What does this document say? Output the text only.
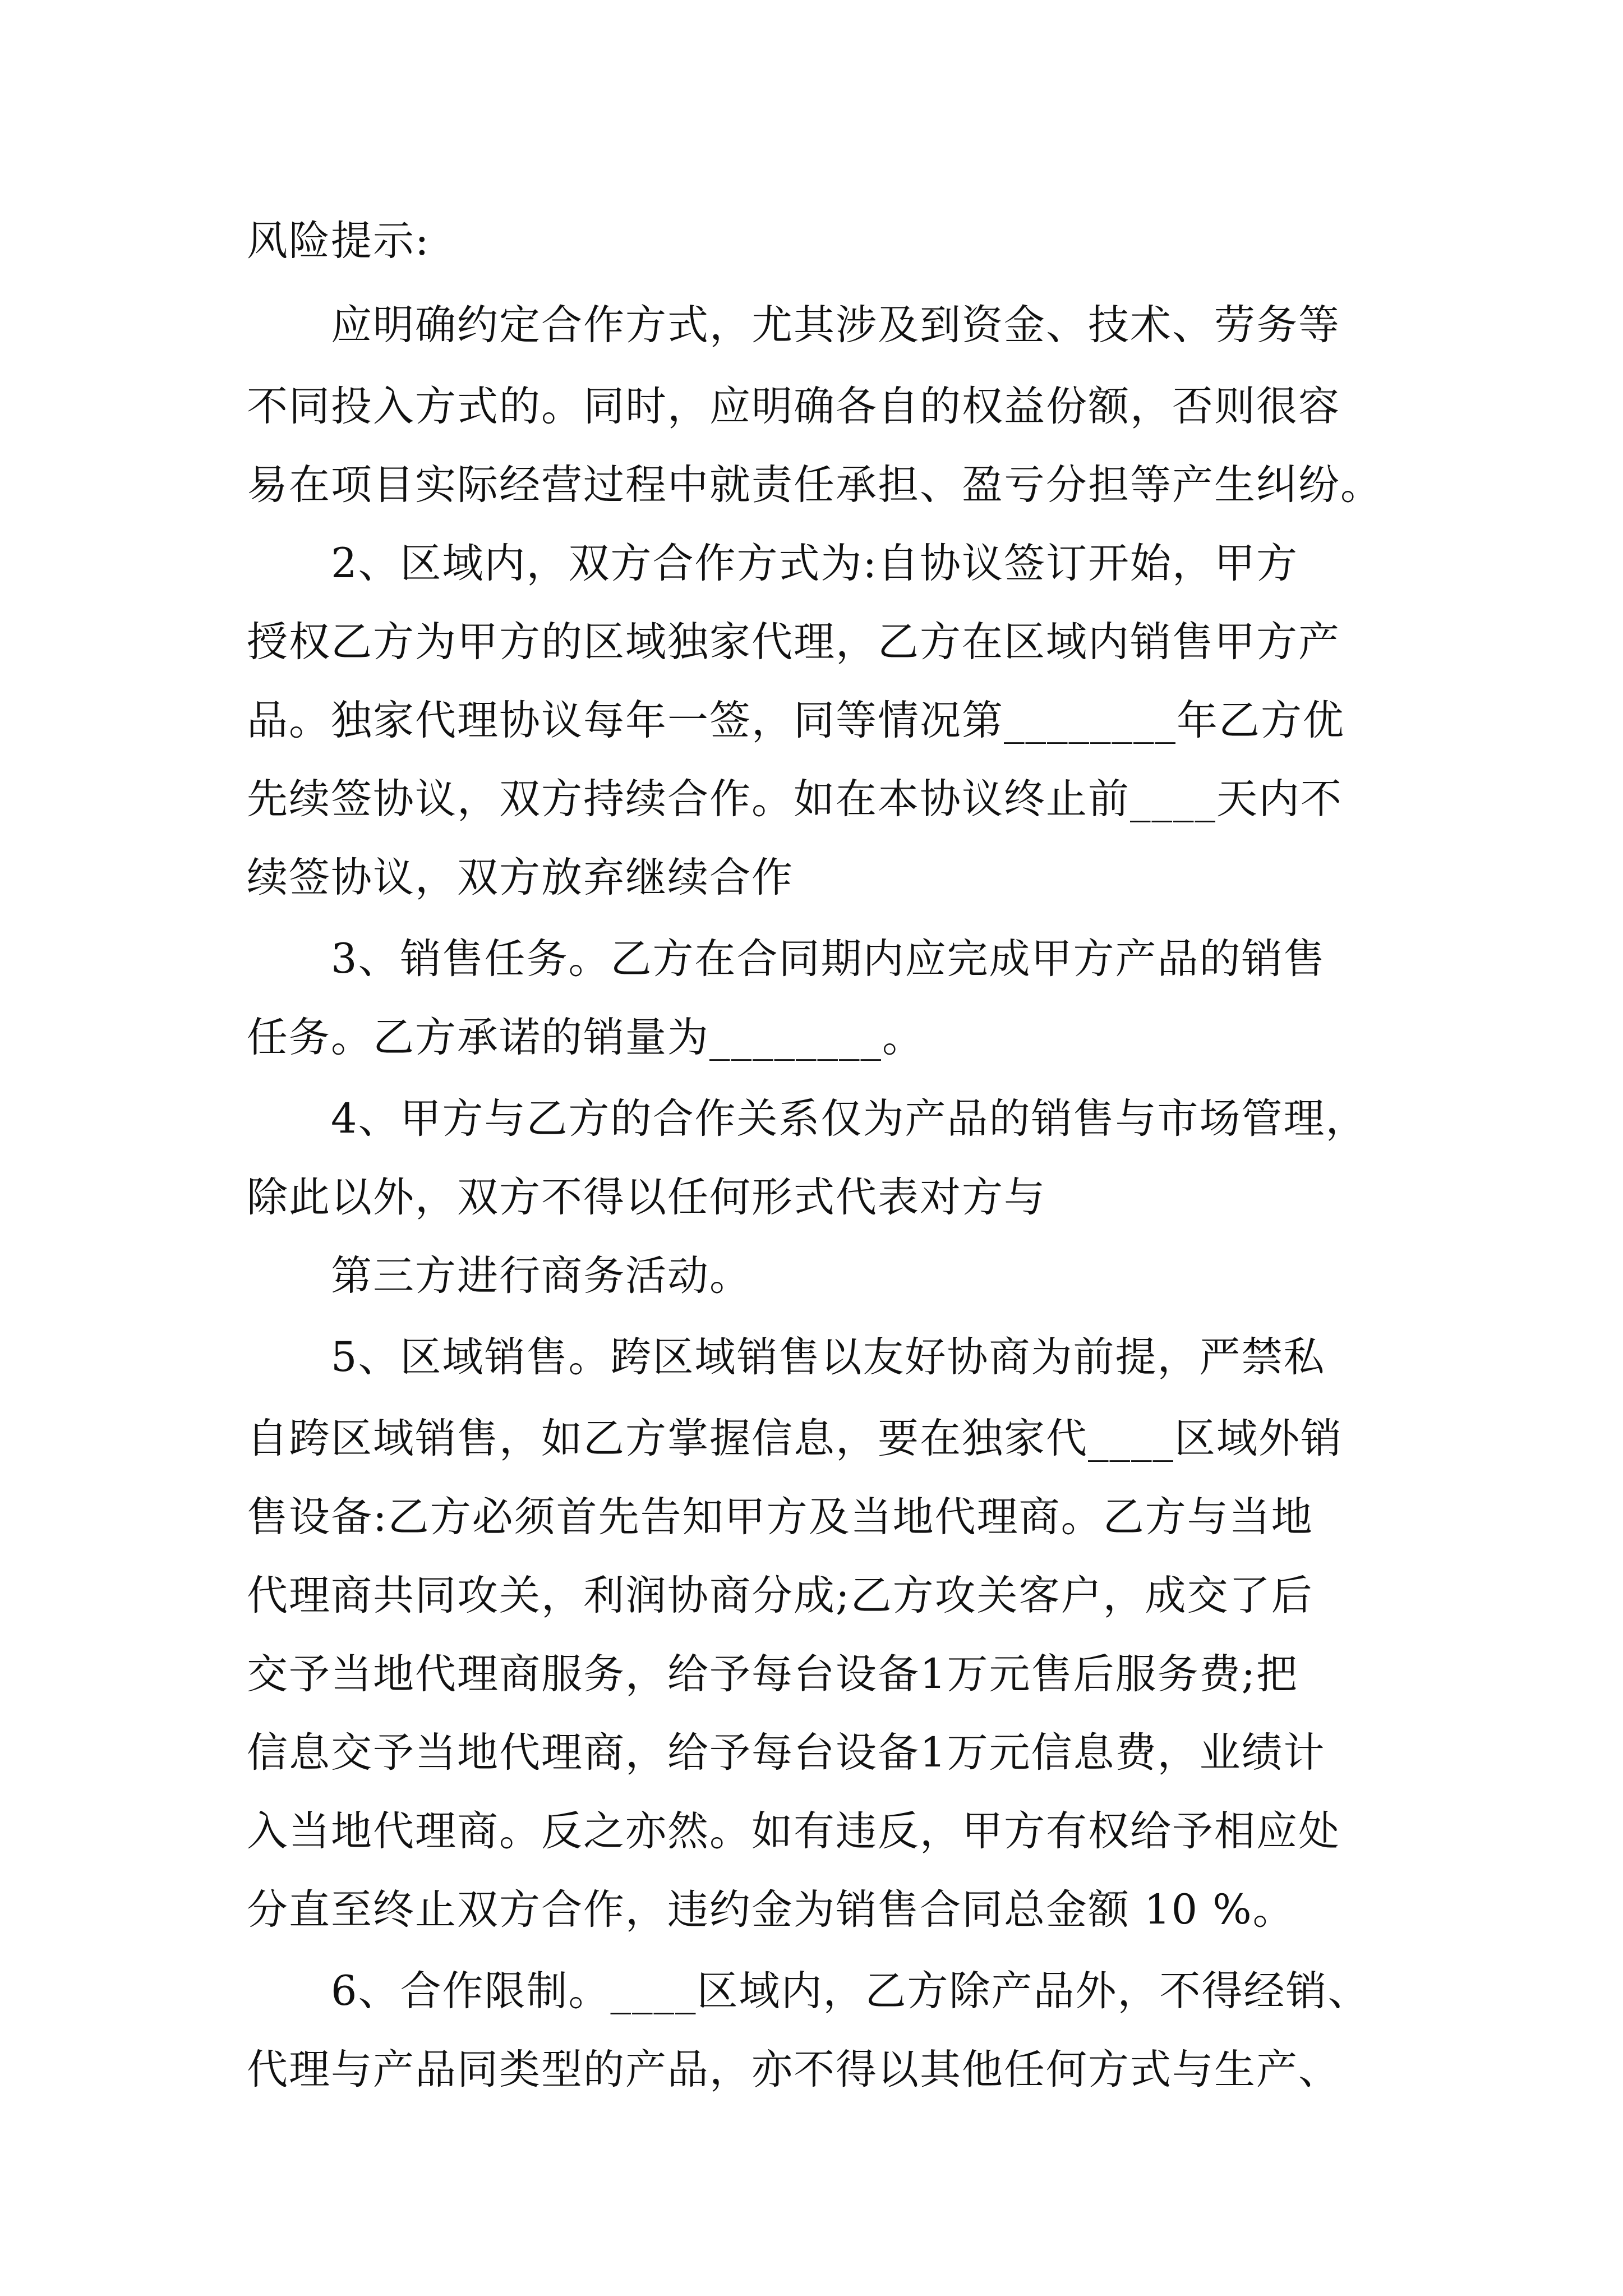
风险提示:

应明确约定合作方式，尤其涉及到资金、技术、劳务等

不同投入方式的。同时，应明确各自的权益份额，否则很容

易在项目实际经营过程中就责任承担、盈亏分担等产生纠纷。

2、区域内，双方合作方式为:自协议签订开始，甲方

授权乙方为甲方的区域独家代理，乙方在区域内销售甲方产

品。独家代理协议每年一签，同等情况第________年乙方优

先续签协议，双方持续合作。如在本协议终止前____天内不

续签协议，双方放弃继续合作

3、销售任务。乙方在合同期内应完成甲方产品的销售

任务。乙方承诺的销量为________。

4、甲方与乙方的合作关系仅为产品的销售与市场管理，

除此以外，双方不得以任何形式代表对方与

第三方进行商务活动。

5、区域销售。跨区域销售以友好协商为前提，严禁私

自跨区域销售，如乙方掌握信息，要在独家代____区域外销

售设备:乙方必须首先告知甲方及当地代理商。乙方与当地

代理商共同攻关，利润协商分成;乙方攻关客户，成交了后

交予当地代理商服务，给予每台设备1万元售后服务费;把

信息交予当地代理商，给予每台设备1万元信息费，业绩计

入当地代理商。反之亦然。如有违反，甲方有权给予相应处

分直至终止双方合作，违约金为销售合同总金额 10 %。

6、合作限制。____区域内，乙方除产品外，不得经销、

代理与产品同类型的产品，亦不得以其他任何方式与生产、
